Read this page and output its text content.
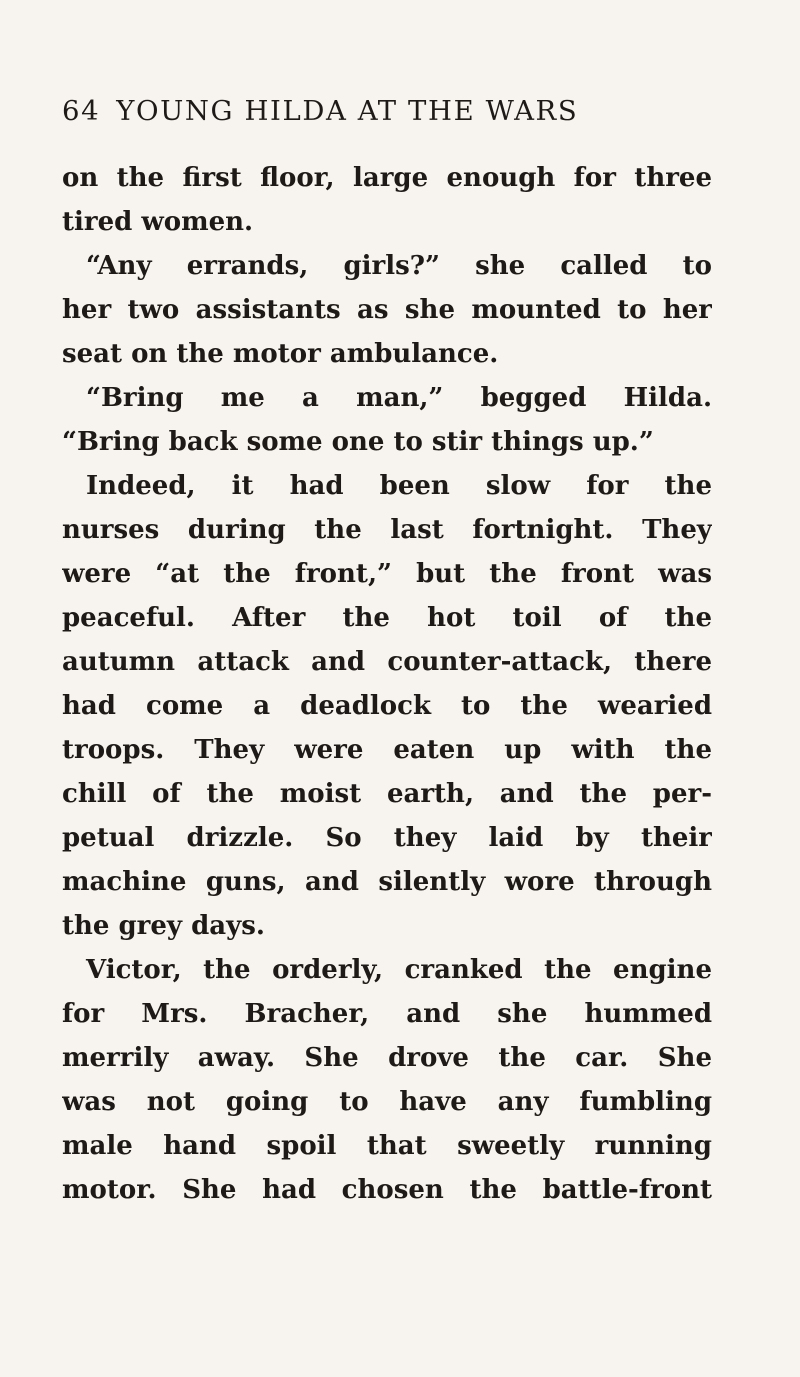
64 YOUNG HILDA AT THE WARS
on the first floor, large enough for three
tired women.
“Any errands, girls?” she called to
her two assistants as she mounted to her
seat on the motor ambulance.
“Bring me a man,” begged Hilda.
“Bring back some one to stir things up.”
Indeed, it had been slow for the
nurses during the last fortnight. They
were “at the front,” but the front was
peaceful. After the hot toil of the
autumn attack and counter-attack, there
had come a deadlock to the wearied
troops. They were eaten up with the
chill of the moist earth, and the per-
petual drizzle. So they laid by their
machine guns, and silently wore through
the grey days.
Victor, the orderly, cranked the engine
for Mrs. Bracher, and she hummed
merrily away. She drove the car. She
was not going to have any fumbling
male hand spoil that sweetly running
motor. She had chosen the battle-front
